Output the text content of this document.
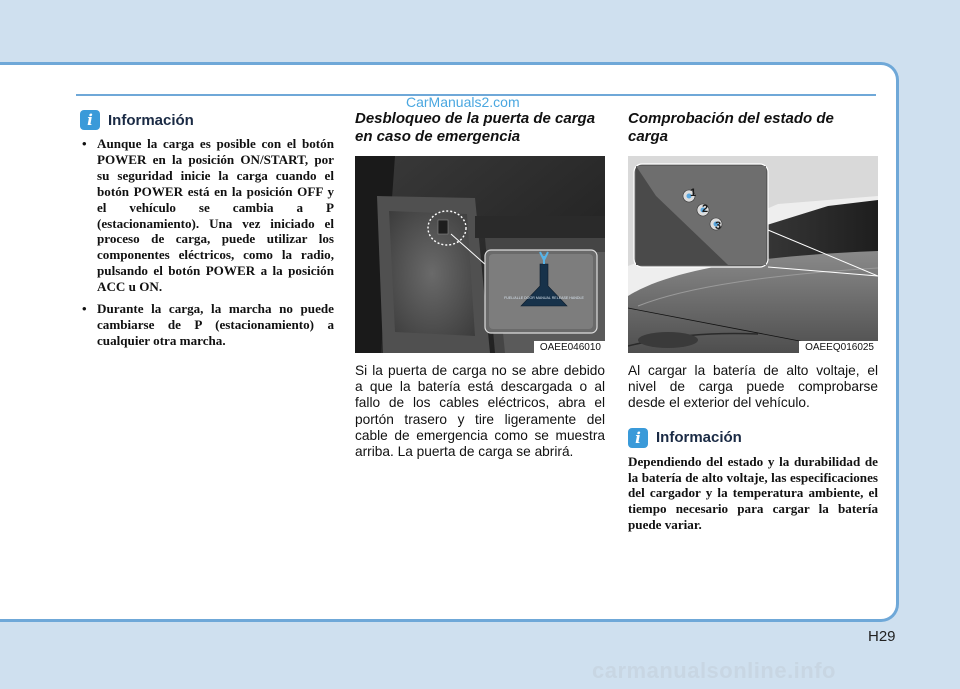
CarManuals2.com
i	Información
• Aunque la carga es posible con el botón POWER en la posición ON/START, por su seguridad inicie la carga cuando el botón POWER está en la posición OFF y el vehículo se cambia a P (estacionamiento). Una vez iniciado el proceso de carga, puede utilizar los componentes eléctricos, como la radio, pulsando el botón POWER a la posición ACC u ON.
• Durante la carga, la marcha no puede cambiarse de P (estacionamiento) a cualquier otra marcha.
Desbloqueo de la puerta de carga en caso de emergencia
FUEL/ALLE DOOR MANUAL RELEASE HANDLE
OAEE046010
Si la puerta de carga no se abre debido a que la batería está descargada o al fallo de los cables eléctricos, abra el portón trasero y tire ligeramente del cable de emergencia como se muestra arriba. La puerta de carga se abrirá.
Comprobación del estado de carga
1
2
3
OAEEQ016025
Al cargar la batería de alto voltaje, el nivel de carga puede comprobarse desde el exterior del vehículo.
i	Información
Dependiendo del estado y la durabilidad de la batería de alto voltaje, las especificaciones del cargador y la temperatura ambiente, el tiempo necesario para cargar la batería puede variar.
H29
carmanualsonline.info
